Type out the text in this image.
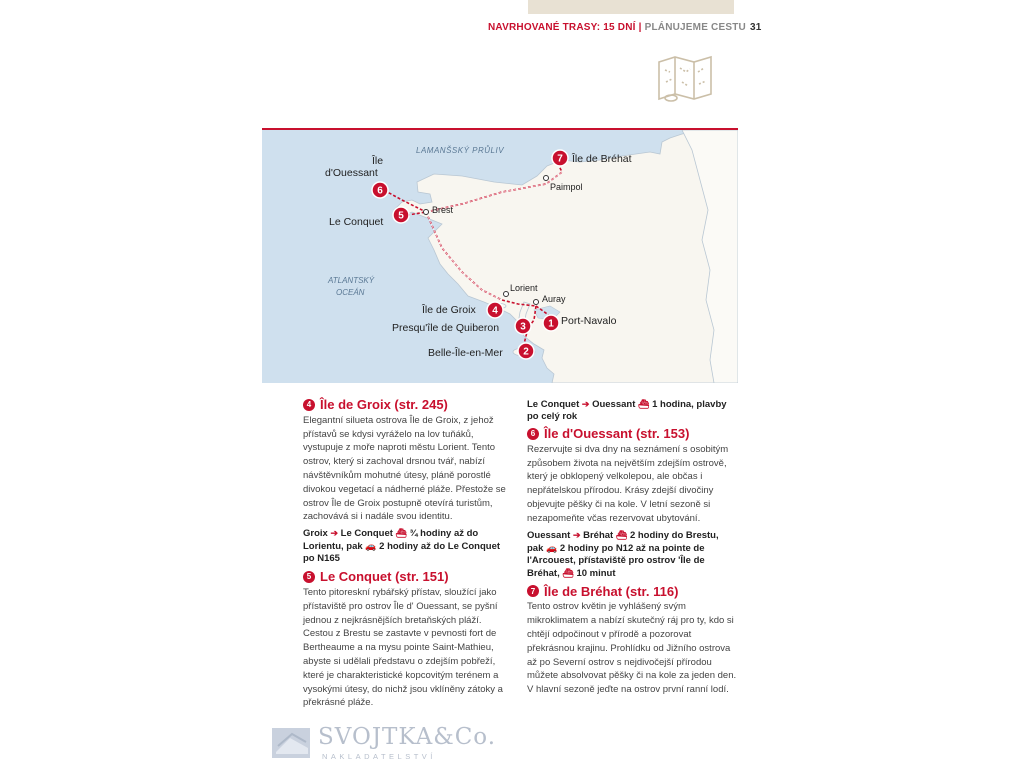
NAVRHOVANÉ TRASY: 15 DNÍ | PLÁNUJEME CESTU 31
1
2
3
4
5
6
7
LAMANŠSKÝ PRŮLIV
ATLANTSKÝ
OCEÁN
Île
d'Ouessant
Le Conquet
Brest
Île de Bréhat
Paimpol
Lorient
Auray
Île de Groix
Presqu'île de Quiberon
Port-Navalo
Belle-Île-en-Mer
4 Île de Groix (str. 245)

Elegantní silueta ostrova Île de Groix, z jehož přístavů se kdysi vyráželo na lov tuňáků, vystupuje z moře naproti městu Lorient. Tento ostrov, který si zachoval drsnou tvář, nabízí návštěvníkům mohutné útesy, pláně porostlé divokou vegetací a nádherné pláže. Přestože se ostrov Île de Groix postupně otevírá turistům, zachovává si i nadále svou identitu.

Groix ➔ Le Conquet ⛴ ¾ hodiny až do Lorientu, pak 🚗 2 hodiny až do Le Conquet po N165
5 Le Conquet (str. 151)

Tento pitoreskní rybářský přístav, sloužící jako přístaviště pro ostrov Île d' Ouessant, se pyšní jednou z nejkrásnějších bretaňských pláží. Cestou z Brestu se zastavte v pevnosti fort de Bertheaume a na mysu pointe Saint-Mathieu, abyste si udělali představu o zdejším pobřeží, které je charakteristické kopcovitým terénem a vysokými útesy, do nichž jsou vklíněny zátoky a překrásné pláže.

Le Conquet ➔ Ouessant ⛴ 1 hodina, plavby po celý rok
6 Île d'Ouessant (str. 153)

Rezervujte si dva dny na seznámení s osobitým způsobem života na největším zdejším ostrově, který je obklopený velkolepou, ale občas i nepřátelskou přírodou. Krásy zdejší divočiny objevujte pěšky či na kole. V letní sezoně si nezapomeňte včas rezervovat ubytování.

Ouessant ➔ Bréhat ⛴ 2 hodiny do Brestu, pak 🚗 2 hodiny po N12 až na pointe de l'Arcouest, přístaviště pro ostrov 'Île de Bréhat, ⛴ 10 minut
7 Île de Bréhat (str. 116)

Tento ostrov květin je vyhlášený svým mikroklimatem a nabízí skutečný ráj pro ty, kdo si chtějí odpočinout v přírodě a pozorovat překrásnou krajinu. Prohlídku od Jižního ostrova až po Severní ostrov s nejdivočejší přírodou můžete absolvovat pěšky či na kole za jeden den. V hlavní sezoně jeďte na ostrov první ranní lodí.

SVOJTKA&Co.
NAKLADATELSTVÍ
